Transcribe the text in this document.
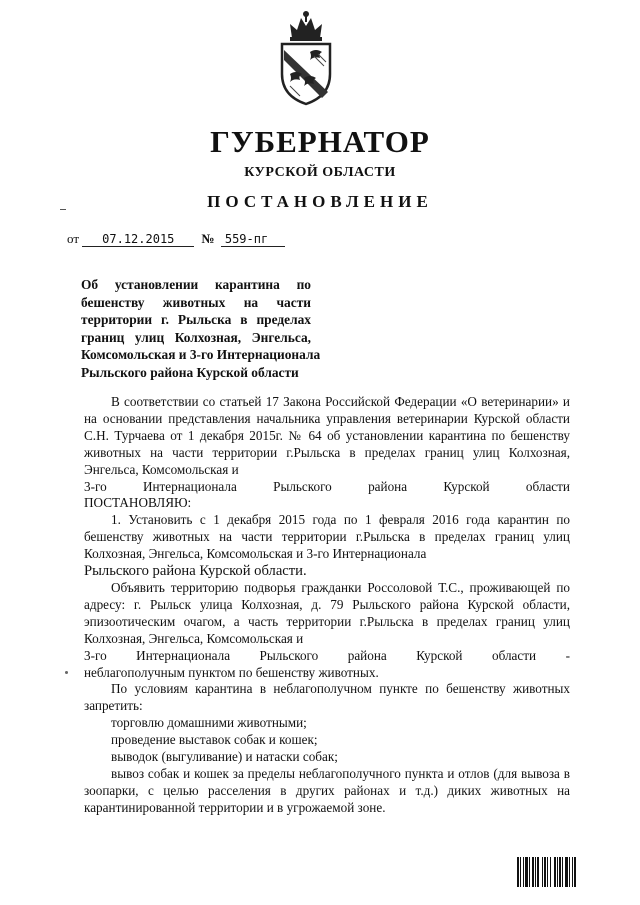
ГУБЕРНАТОР
КУРСКОЙ ОБЛАСТИ
ПОСТАНОВЛЕНИЕ
от 07.12.2015 № 559-пг
Об установлении карантина по
бешенству животных на части
территории г. Рыльска в пределах
границ улиц Колхозная, Энгельса,
Комсомольская и 3-го Интернационала
Рыльского района Курской области

В соответствии со статьей 17 Закона Российской Федерации «О ветеринарии» и на основании представления начальника управления ветеринарии Курской области С.Н. Турчаева от 1 декабря 2015г. № 64 об установлении карантина по бешенству животных на части территории г.Рыльска в пределах границ улиц Колхозная, Энгельса, Комсомольская и

3-го Интернационала Рыльского района Курской области
ПОСТАНОВЛЯЮ:

1. Установить с 1 декабря 2015 года по 1 февраля 2016 года карантин по бешенству животных на части территории г.Рыльска в пределах границ улиц Колхозная, Энгельса, Комсомольская и 3-го Интернационала

Рыльского района Курской области.

Объявить территорию подворья гражданки Россоловой Т.С., проживающей по адресу: г. Рыльск улица Колхозная, д. 79 Рыльского района Курской области, эпизоотическим очагом, а часть территории г.Рыльска в пределах границ улиц Колхозная, Энгельса, Комсомольская и

3-го Интернационала Рыльского района Курской области -
неблагополучным пунктом по бешенству животных.

По условиям карантина в неблагополучном пункте по бешенству животных запретить:

торговлю домашними животными;
проведение выставок собак и кошек;
выводок (выгуливание) и натаски собак;

вывоз собак и кошек за пределы неблагополучного пункта и отлов (для вывоза в зоопарки, с целью расселения в других районах и т.д.) диких животных на карантинированной территории и в угрожаемой зоне.
